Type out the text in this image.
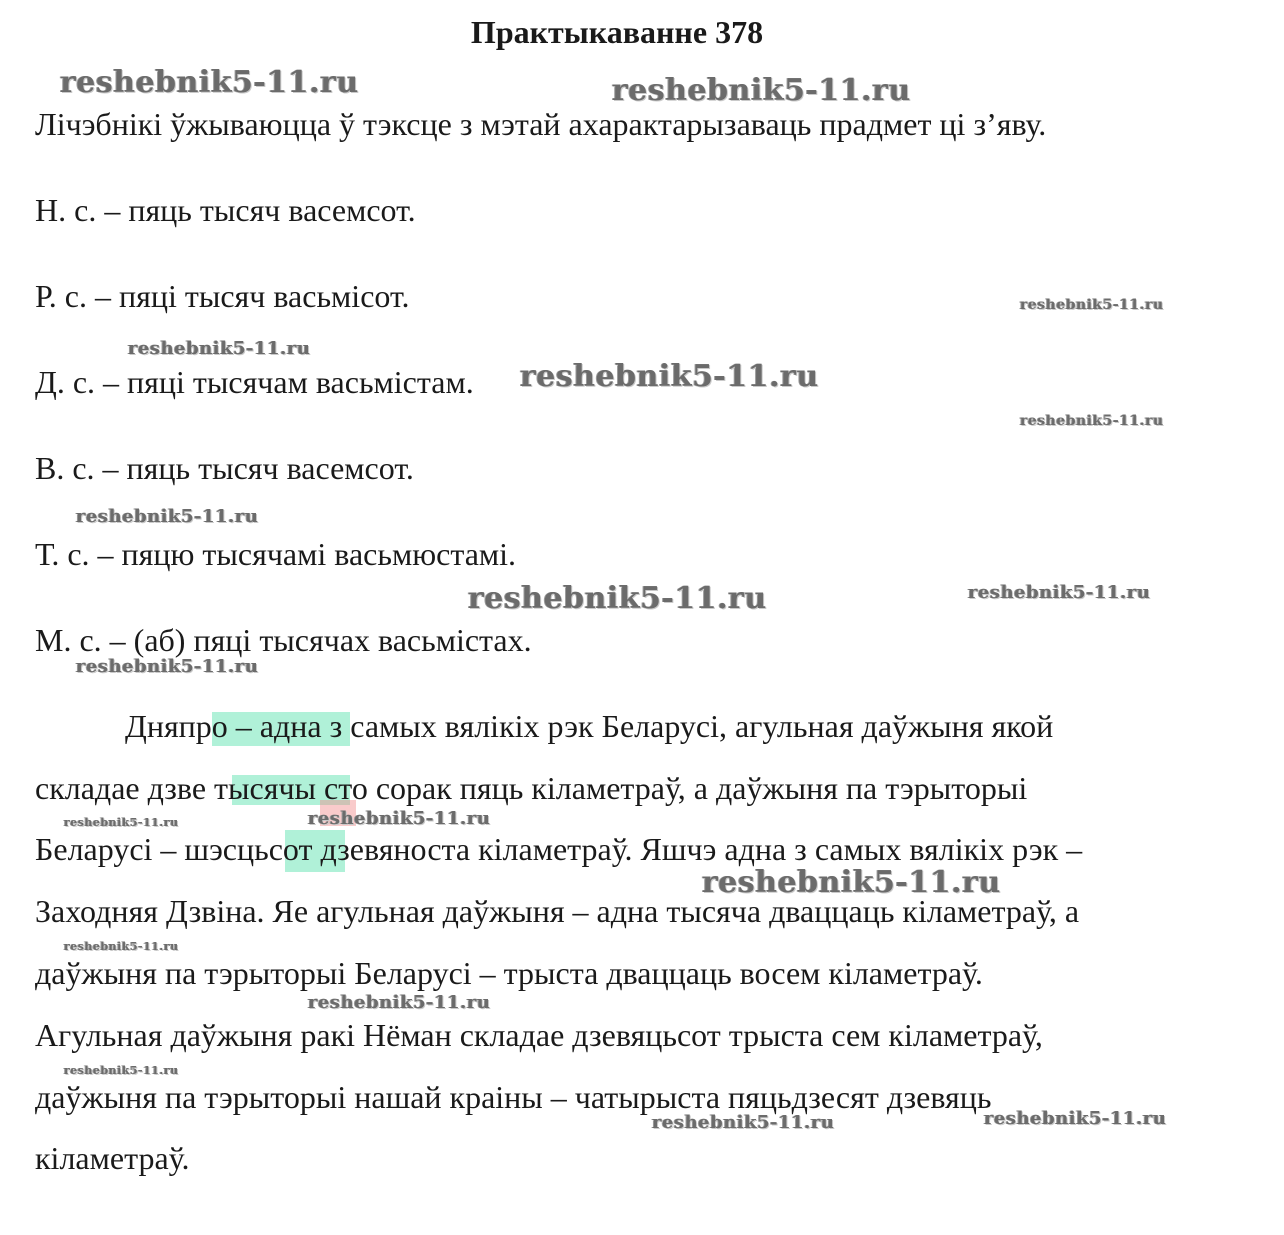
Практыкаванне 378
Лічэбнікі ўжываюцца ў тэксце з мэтай ахарактарызаваць прадмет ці з’яву.
Н. с. – пяць тысяч васемсот.
Р. с. – пяці тысяч васьмісот.
Д. с. – пяці тысячам васьмістам.
В. с. – пяць тысяч васемсот.
Т. с. – пяцю тысячамі васьмюстамі.
М. с. – (аб) пяці тысячах васьмістах.
Дняпро – адна з самых вялікіх рэк Беларусі, агульная даўжыня якой
складае дзве тысячы сто сорак пяць кіламетраў, а даўжыня па тэрыторыі
Беларусі – шэсцьсот дзевяноста кіламетраў. Яшчэ адна з самых вялікіх рэк –
Заходняя Дзвіна. Яе агульная даўжыня – адна тысяча дваццаць кіламетраў, а
даўжыня па тэрыторыі Беларусі – трыста дваццаць восем кіламетраў.
Агульная даўжыня ракі Нёман складае дзевяцьсот трыста сем кіламетраў,
даўжыня па тэрыторыі нашай краіны – чатырыста пяцьдзесят дзевяць
кіламетраў.
reshebnik5-11.ru	reshebnik5-11.ru
reshebnik5-11.ru
reshebnik5-11.ru
reshebnik5-11.ru
reshebnik5-11.ru
reshebnik5-11.ru
reshebnik5-11.ru	reshebnik5-11.ru
reshebnik5-11.ru
reshebnik5-11.ru	reshebnik5-11.ru
reshebnik5-11.ru
reshebnik5-11.ru
reshebnik5-11.ru
reshebnik5-11.ru
reshebnik5-11.ru	reshebnik5-11.ru
